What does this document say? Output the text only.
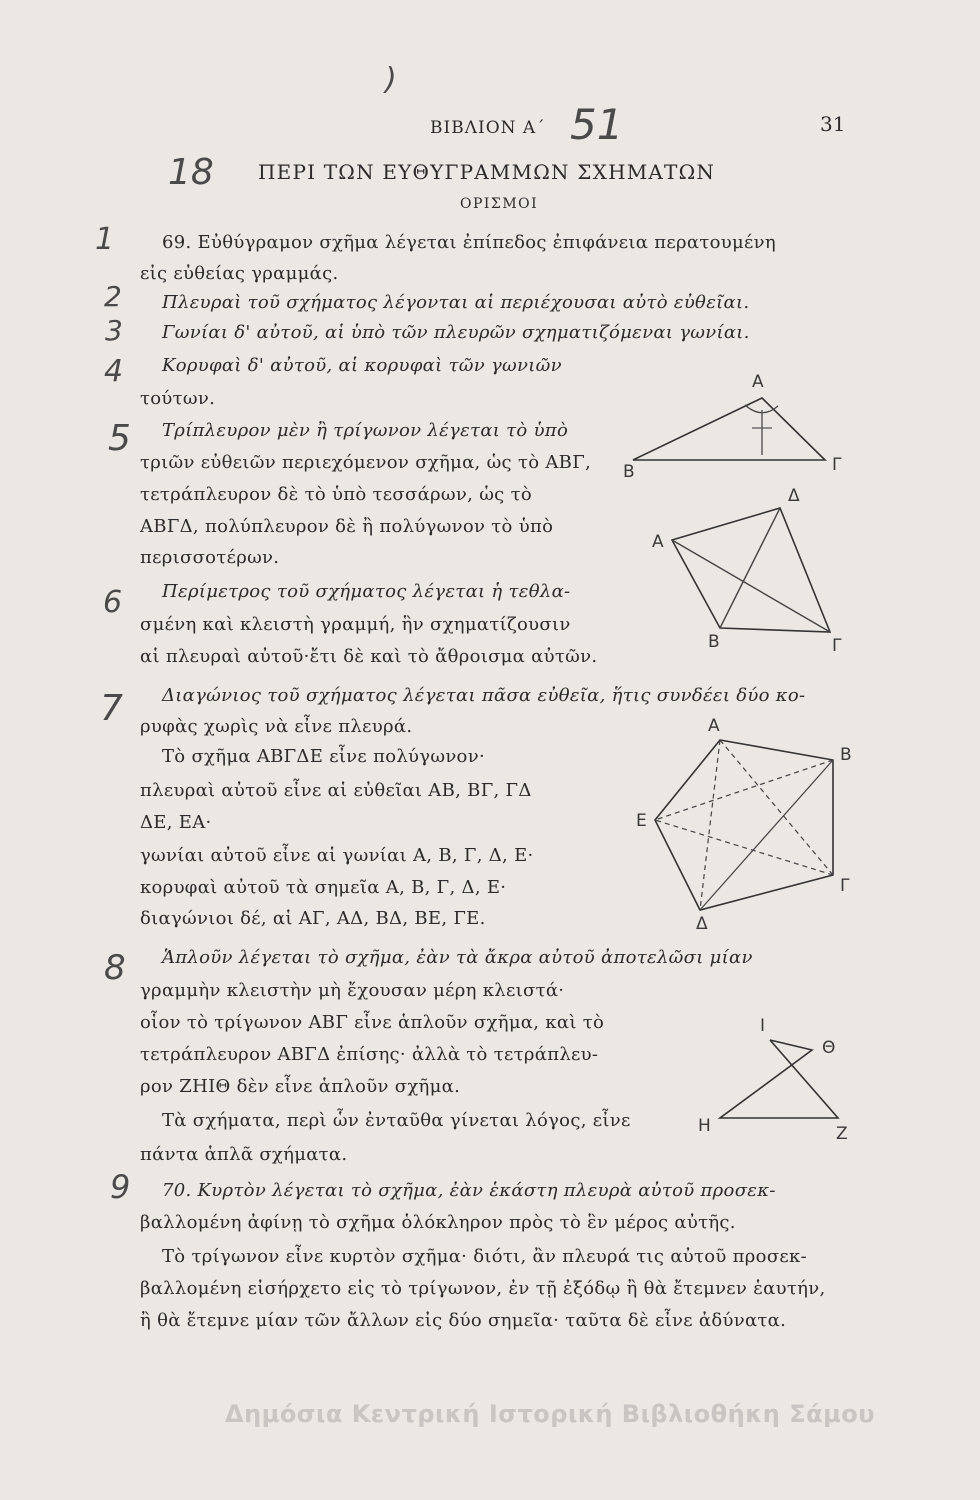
ΒΙΒΛΙΟΝ Α΄	31
ΠΕΡΙ ΤΩΝ ΕΥΘΥΓΡΑΜΜΩΝ ΣΧΗΜΑΤΩΝ
ΟΡΙΣΜΟΙ
)
51
18
1
2
3
4
5
6
7
8
9
69. Εὐθύγραμον σχῆμα λέγεται ἐπίπεδος ἐπιφάνεια περατουμένη
εἰς εὐθείας γραμμάς.
Πλευραὶ τοῦ σχήματος λέγονται αἱ περιέχουσαι αὐτὸ εὐθεῖαι.
Γωνίαι δ' αὐτοῦ, αἱ ὑπὸ τῶν πλευρῶν σχηματιζόμεναι γωνίαι.
Κορυφαὶ δ' αὐτοῦ, αἱ κορυφαὶ τῶν γωνιῶν
τούτων.
Τρίπλευρον μὲν ἢ τρίγωνον λέγεται τὸ ὑπὸ
τριῶν εὐθειῶν περιεχόμενον σχῆμα, ὡς τὸ ΑΒΓ,
τετράπλευρον δὲ τὸ ὑπὸ τεσσάρων, ὡς τὸ
ΑΒΓΔ, πολύπλευρον δὲ ἢ πολύγωνον τὸ ὑπὸ
περισσοτέρων.
Περίμετρος τοῦ σχήματος λέγεται ἡ τεθλα-
σμένη καὶ κλειστὴ γραμμή, ἣν σχηματίζουσιν
αἱ πλευραὶ αὐτοῦ·ἔτι δὲ καὶ τὸ ἄθροισμα αὐτῶν.
Διαγώνιος τοῦ σχήματος λέγεται πᾶσα εὐθεῖα, ἥτις συνδέει δύο κο-
ρυφὰς χωρὶς νὰ εἶνε πλευρά.
Τὸ σχῆμα ΑΒΓΔΕ εἶνε πολύγωνον·
πλευραὶ αὐτοῦ εἶνε αἱ εὐθεῖαι ΑΒ, ΒΓ, ΓΔ
ΔΕ, ΕΑ·
γωνίαι αὐτοῦ εἶνε αἱ γωνίαι Α, Β, Γ, Δ, Ε·
κορυφαὶ αὐτοῦ τὰ σημεῖα Α, Β, Γ, Δ, Ε·
διαγώνιοι δέ, αἱ ΑΓ, ΑΔ, ΒΔ, ΒΕ, ΓΕ.
Ἁπλοῦν λέγεται τὸ σχῆμα, ἐὰν τὰ ἄκρα αὐτοῦ ἀποτελῶσι μίαν
γραμμὴν κλειστὴν μὴ ἔχουσαν μέρη κλειστά·
οἷον τὸ τρίγωνον ΑΒΓ εἶνε ἁπλοῦν σχῆμα, καὶ τὸ
τετράπλευρον ΑΒΓΔ ἐπίσης· ἀλλὰ τὸ τετράπλευ-
ρον ΖΗΙΘ δὲν εἶνε ἁπλοῦν σχῆμα.
Τὰ σχήματα, περὶ ὧν ἐνταῦθα γίνεται λόγος, εἶνε
πάντα ἁπλᾶ σχήματα.
70. Κυρτὸν λέγεται τὸ σχῆμα, ἐὰν ἑκάστη πλευρὰ αὐτοῦ προσεκ-
βαλλομένη ἀφίνῃ τὸ σχῆμα ὁλόκληρον πρὸς τὸ ἓν μέρος αὐτῆς.
Τὸ τρίγωνον εἶνε κυρτὸν σχῆμα· διότι, ἂν πλευρά τις αὐτοῦ προσεκ-
βαλλομένη εἰσήρχετο εἰς τὸ τρίγωνον, ἐν τῇ ἐξόδῳ ἢ θὰ ἔτεμνεν ἑαυτήν,
ἢ θὰ ἔτεμνε μίαν τῶν ἄλλων εἰς δύο σημεῖα· ταῦτα δὲ εἶνε ἀδύνατα.
Α
Β	Γ
Δ
Α
Β	Γ
Α
Β
Γ
Δ
Ε
Ι
Θ
Η	Ζ
Δημόσια Κεντρική Ιστορική Βιβλιοθήκη Σάμου
